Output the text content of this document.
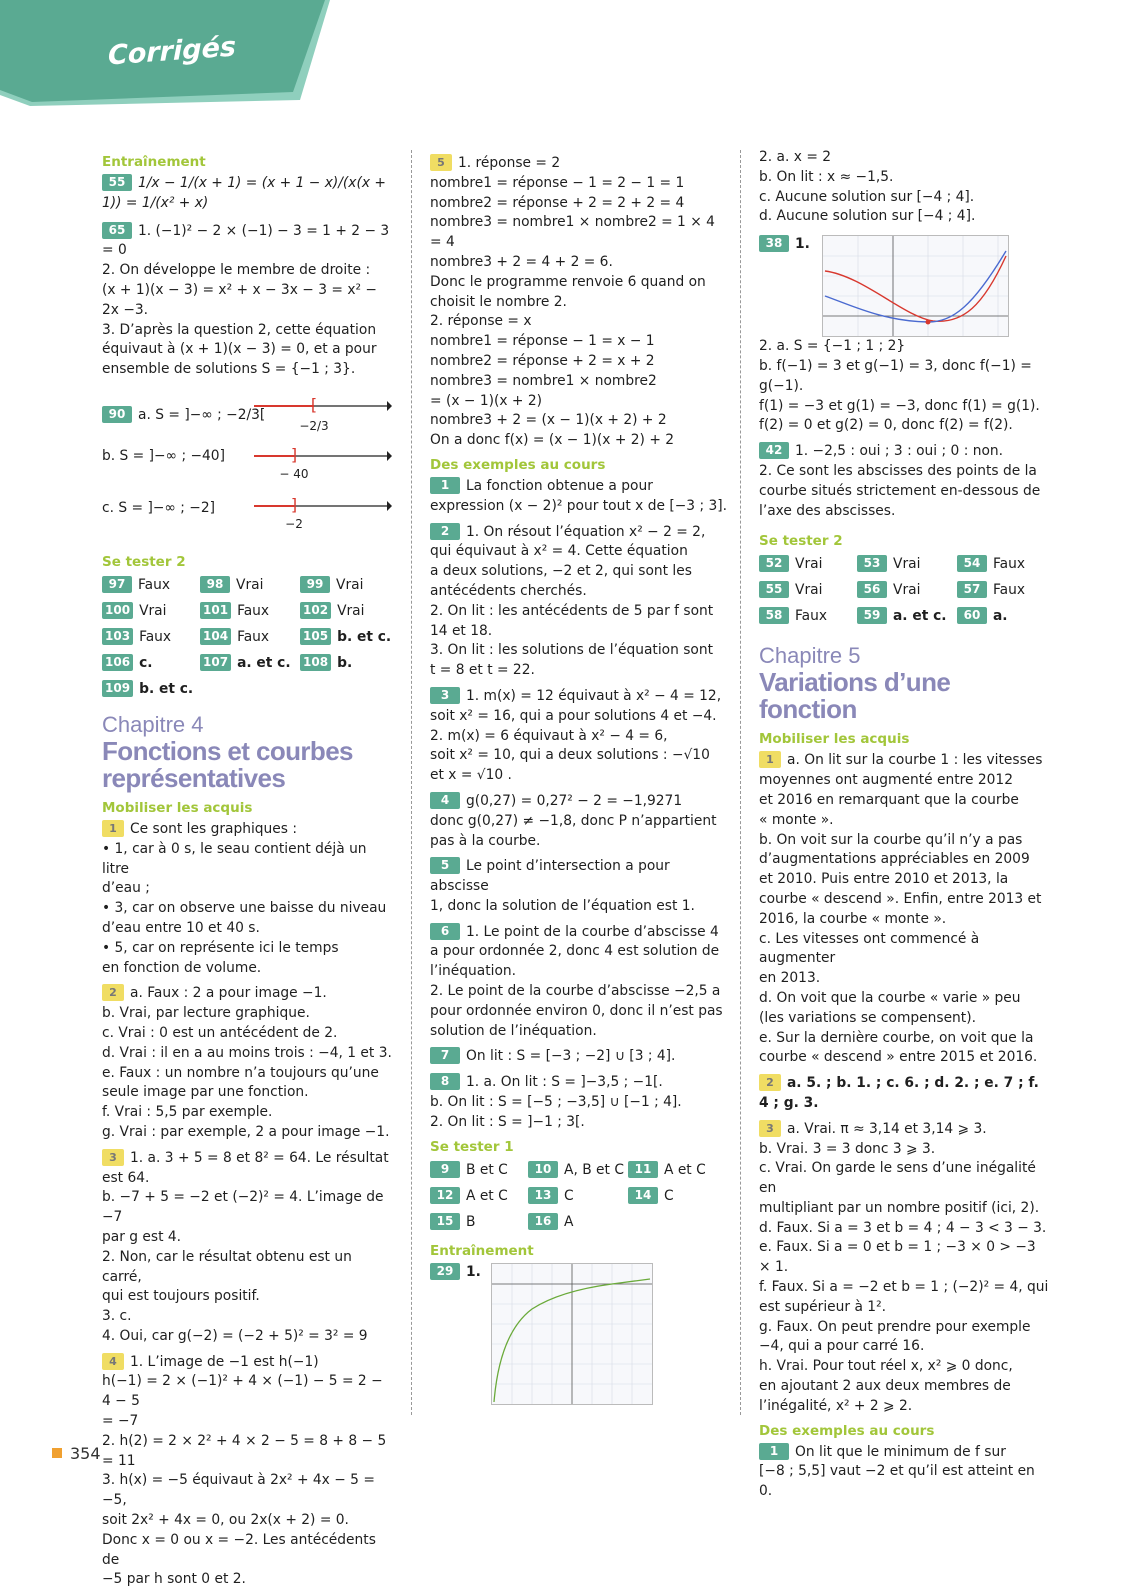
Corrigés
Entraînement
55 1/x − 1/(x + 1) = (x + 1 − x)/(x(x + 1)) = 1/(x² + x)
65 1. (−1)² − 2 × (−1) − 3 = 1 + 2 − 3 = 0
2. On développe le membre de droite :
(x + 1)(x − 3) = x² + x − 3x − 3 = x² − 2x −3.
3. D’après la question 2, cette équation
équivaut à (x + 1)(x − 3) = 0, et a pour
ensemble de solutions S = {−1 ; 3}.
90 a. S = ]−∞ ; −2/3[
[
−2/3
b. S = ]−∞ ; −40]	]
− 40
c. S = ]−∞ ; −2]	]
−2
Se tester 2
97 Faux	98 Vrai	99 Vrai
100 Vrai	101 Faux	102 Vrai
103 Faux	104 Faux	105 b. et c.
106 c.	107 a. et c.	108 b.
109 b. et c.
Chapitre 4
Fonctions et courbes représentatives
Mobiliser les acquis
1 Ce sont les graphiques :
• 1, car à 0 s, le seau contient déjà un litre
d’eau ;
• 3, car on observe une baisse du niveau
d’eau entre 10 et 40 s.
• 5, car on représente ici le temps
en fonction de volume.
2 a. Faux : 2 a pour image −1.
b. Vrai, par lecture graphique.
c. Vrai : 0 est un antécédent de 2.
d. Vrai : il en a au moins trois : −4, 1 et 3.
e. Faux : un nombre n’a toujours qu’une
seule image par une fonction.
f. Vrai : 5,5 par exemple.
g. Vrai : par exemple, 2 a pour image −1.
3 1. a. 3 + 5 = 8 et 8² = 64. Le résultat
est 64.
b. −7 + 5 = −2 et (−2)² = 4. L’image de −7
par g est 4.
2. Non, car le résultat obtenu est un carré,
qui est toujours positif.
3. c.
4. Oui, car g(−2) = (−2 + 5)² = 3² = 9
4 1. L’image de −1 est h(−1)
h(−1) = 2 × (−1)² + 4 × (−1) − 5 = 2 − 4 − 5
= −7
2. h(2) = 2 × 2² + 4 × 2 − 5 = 8 + 8 − 5 = 11
3. h(x) = −5 équivaut à 2x² + 4x − 5 = −5,
soit 2x² + 4x = 0, ou 2x(x + 2) = 0.
Donc x = 0 ou x = −2. Les antécédents de
−5 par h sont 0 et 2.
5 1. réponse = 2
nombre1 = réponse − 1 = 2 − 1 = 1
nombre2 = réponse + 2 = 2 + 2 = 4
nombre3 = nombre1 × nombre2 = 1 × 4 = 4
nombre3 + 2 = 4 + 2 = 6.
Donc le programme renvoie 6 quand on
choisit le nombre 2.
2. réponse = x
nombre1 = réponse − 1 = x − 1
nombre2 = réponse + 2 = x + 2
nombre3 = nombre1 × nombre2
= (x − 1)(x + 2)
nombre3 + 2 = (x − 1)(x + 2) + 2
On a donc f(x) = (x − 1)(x + 2) + 2
Des exemples au cours
1 La fonction obtenue a pour
expression (x − 2)² pour tout x de [−3 ; 3].
2 1. On résout l’équation x² − 2 = 2,
qui équivaut à x² = 4. Cette équation
a deux solutions, −2 et 2, qui sont les
antécédents cherchés.
2. On lit : les antécédents de 5 par f sont
14 et 18.
3. On lit : les solutions de l’équation sont
t = 8 et t = 22.
3 1. m(x) = 12 équivaut à x² − 4 = 12,
soit x² = 16, qui a pour solutions 4 et −4.
2. m(x) = 6 équivaut à x² − 4 = 6,
soit x² = 10, qui a deux solutions : −√10
et x = √10 .
4 g(0,27) = 0,27² − 2 = −1,9271
donc g(0,27) ≠ −1,8, donc P n’appartient
pas à la courbe.
5 Le point d’intersection a pour abscisse
1, donc la solution de l’équation est 1.
6 1. Le point de la courbe d’abscisse 4
a pour ordonnée 2, donc 4 est solution de
l’inéquation.
2. Le point de la courbe d’abscisse −2,5 a
pour ordonnée environ 0, donc il n’est pas
solution de l’inéquation.
7 On lit : S = [−3 ; −2] ∪ [3 ; 4].
8 1. a. On lit : S = ]−3,5 ; −1[.
b. On lit : S = [−5 ; −3,5] ∪ [−1 ; 4].
2. On lit : S = ]−1 ; 3[.
Se tester 1
9 B et C	10 A, B et C 11 A et C
12 A et C	13 C	14 C
15 B	16 A
Entraînement
29 1.
2. a. x = 2
b. On lit : x ≈ −1,5.
c. Aucune solution sur [−4 ; 4].
d. Aucune solution sur [−4 ; 4].
38 1.
2. a. S = {−1 ; 1 ; 2}
b. f(−1) = 3 et g(−1) = 3, donc f(−1) = g(−1).
f(1) = −3 et g(1) = −3, donc f(1) = g(1).
f(2) = 0 et g(2) = 0, donc f(2) = f(2).
42 1. −2,5 : oui ; 3 : oui ; 0 : non.
2. Ce sont les abscisses des points de la
courbe situés strictement en-dessous de
l’axe des abscisses.
Se tester 2
52 Vrai	53 Vrai	54 Faux
55 Vrai	56 Vrai	57 Faux
58 Faux	59 a. et c.	60 a.
Chapitre 5
Variations d’une fonction
Mobiliser les acquis
1 a. On lit sur la courbe 1 : les vitesses
moyennes ont augmenté entre 2012
et 2016 en remarquant que la courbe
« monte ».
b. On voit sur la courbe qu’il n’y a pas
d’augmentations appréciables en 2009
et 2010. Puis entre 2010 et 2013, la
courbe « descend ». Enfin, entre 2013 et
2016, la courbe « monte ».
c. Les vitesses ont commencé à augmenter
en 2013.
d. On voit que la courbe « varie » peu
(les variations se compensent).
e. Sur la dernière courbe, on voit que la
courbe « descend » entre 2015 et 2016.
2 a. 5. ; b. 1. ; c. 6. ; d. 2. ; e. 7 ; f. 4 ; g. 3.
3 a. Vrai. π ≈ 3,14 et 3,14 ⩾ 3.
b. Vrai. 3 = 3 donc 3 ⩾ 3.
c. Vrai. On garde le sens d’une inégalité en
multipliant par un nombre positif (ici, 2).
d. Faux. Si a = 3 et b = 4 ; 4 − 3 < 3 − 3.
e. Faux. Si a = 0 et b = 1 ; −3 × 0 > −3 × 1.
f. Faux. Si a = −2 et b = 1 ; (−2)² = 4, qui
est supérieur à 1².
g. Faux. On peut prendre pour exemple
−4, qui a pour carré 16.
h. Vrai. Pour tout réel x, x² ⩾ 0 donc,
en ajoutant 2 aux deux membres de
l’inégalité, x² + 2 ⩾ 2.
Des exemples au cours
1 On lit que le minimum de f sur
[−8 ; 5,5] vaut −2 et qu’il est atteint en 0.
354
